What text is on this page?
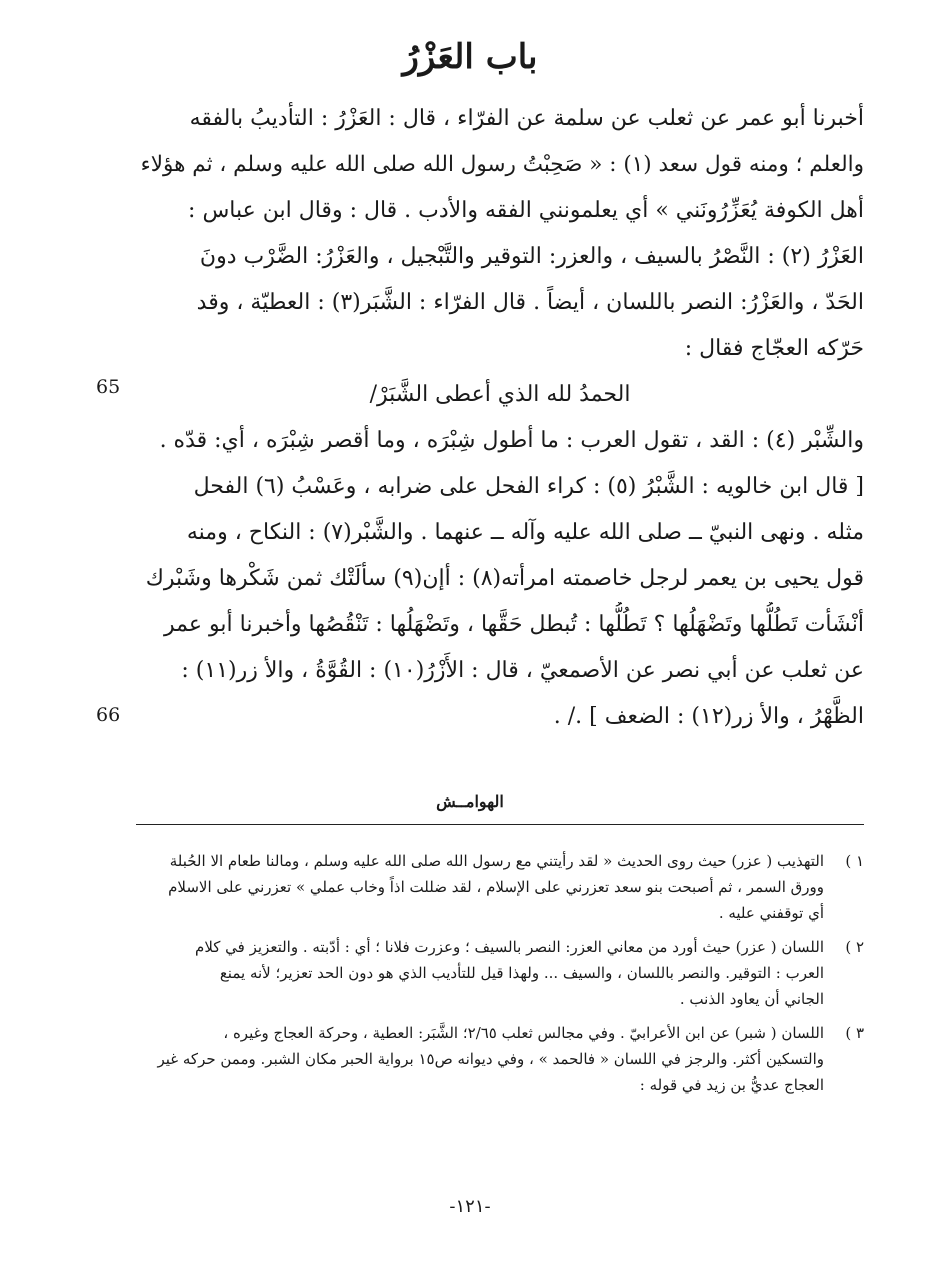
باب العَزْرُ
أخبرنا أبو عمر عن ثعلب عن سلمة عن الفرّاء ، قال : العَزْرُ : التأديبُ بالفقه
والعلم ؛ ومنه قول سعد (١) : « صَحِبْتُ رسول الله صلى الله عليه وسلم ، ثم هؤلاء
أهل الكوفة يُعَزِّرُونَني » أي يعلمونني الفقه والأدب . قال : وقال ابن عباس :
العَزْرُ (٢) : النَّصْرُ بالسيف ، والعزر: التوقير والتَّبْجيل ، والعَزْرُ: الضَّرْب دونَ
الحَدّ ، والعَزْرُ: النصر باللسان ، أيضاً . قال الفرّاء : الشَّبَر(٣) : العطيّة ، وقد
حَرّكه العجّاج فقال :
الحمدُ لله الذي أعطى الشَّبَرْ/
والشِّبْر (٤) : القد ، تقول العرب : ما أطول شِبْرَه ، وما أقصر شِبْرَه ، أي: قدّه .
[ قال ابن خالويه : الشَّبْرُ (٥) : كراء الفحل على ضرابه ، وعَسْبُ (٦) الفحل
مثله . ونهى النبيّ ــ صلى الله عليه وآله ــ عنهما . والشَّبْر(٧) : النكاح ، ومنه
قول يحيى بن يعمر لرجل خاصمته امرأته(٨) : أإن(٩) سألَتْك ثمن شَكْرها وشَبْرك
أنْشَأت تَطُلُّها وتَضْهَلُها ؟ تَطُلُّها : تُبطل حَقَّها ، وتَضْهَلُها : تَنْقُصُها وأخبرنا أبو عمر
عن ثعلب عن أبي نصر عن الأصمعيّ ، قال : الأَزْرُ(١٠) : القُوَّةُ ، والأ زر(١١) :
الظَّهْرُ ، والأ زر(١٢) : الضعف ] ./ .
65
66
الهوامــش
١ )
التهذيب ( عزر) حيث روى الحديث « لقد رأيتني مع رسول الله صلى الله عليه وسلم ، ومالنا طعام الا الحُبلة
وورق السمر ، ثم أصبحت بنو سعد تعزرني على الإسلام ، لقد ضللت اذاً وخاب عملي » تعزرني على الاسلام
أي توقفني عليه .
٢ )
اللسان ( عزر) حيث أورد من معاني العزر: النصر بالسيف ؛ وعزرت فلانا ؛ أي : أدّبته . والتعزيز في كلام
العرب : التوقير. والنصر باللسان ، والسيف ... ولهذا قيل للتأديب الذي هو دون الحد تعزير؛ لأنه يمنع
الجاني أن يعاود الذنب .
٣ )
اللسان ( شبر) عن ابن الأعرابيّ . وفي مجالس ثعلب ٢/٦٥؛ الشَّبَر: العطية ، وحركة العجاج وغيره ،
والتسكين أكثر. والرجز في اللسان « فالحمد » ، وفي ديوانه ص١٥ برواية الحبر مكان الشبر. وممن حركه غير
العجاج عديُّ بن زيد في قوله :
-١٢١-
